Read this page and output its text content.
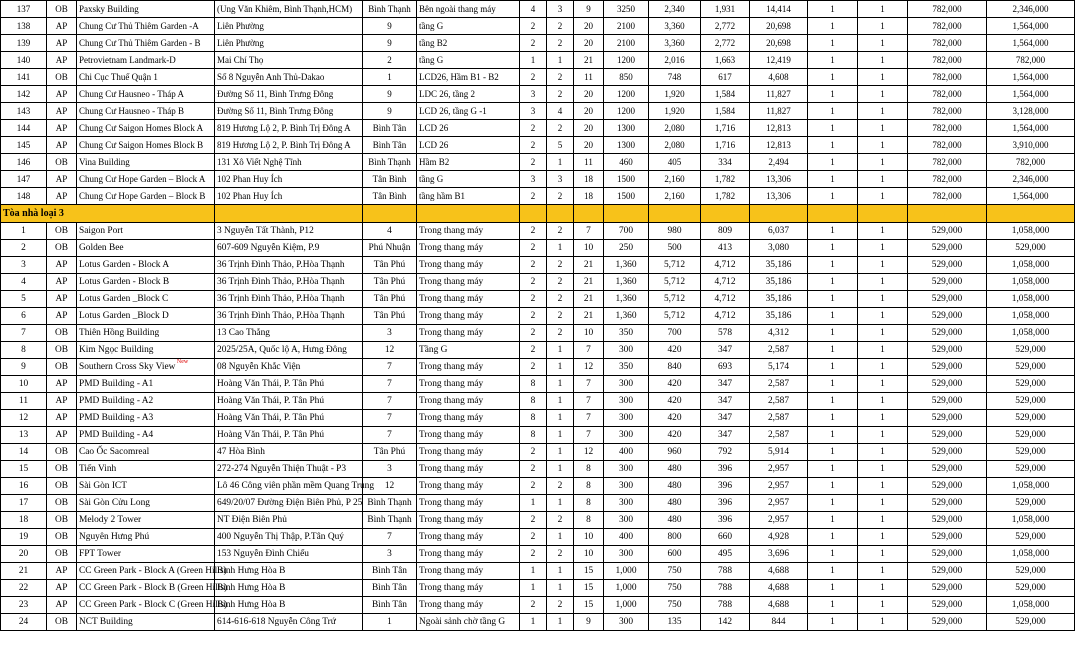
137	OB	Paxsky Building	(Ung Văn Khiêm, Bình Thạnh,HCM)	Bình Thạnh	Bên ngoài thang máy	4	3	9	3250	2,340	1,931	14,414	1	1	782,000	2,346,000
138	AP	Chung Cư Thủ Thiêm Garden -A	Liên Phường	9	tầng G	2	2	20	2100	3,360	2,772	20,698	1	1	782,000	1,564,000
139	AP	Chung Cư Thủ Thiêm Garden - B	Liên Phường	9	tầng B2	2	2	20	2100	3,360	2,772	20,698	1	1	782,000	1,564,000
140	AP	Petrovietnam Landmark-D	Mai Chí Thọ	2	tầng G	1	1	21	1200	2,016	1,663	12,419	1	1	782,000	782,000
141	OB	Chi Cục Thuế Quận 1	Số 8 Nguyễn Anh Thủ-Dakao	1	LCD26, Hầm B1 - B2	2	2	11	850	748	617	4,608	1	1	782,000	1,564,000
142	AP	Chung Cư Hausneo - Tháp A	Đường Số 11, Bình Trưng Đông	9	LDC 26, tầng 2	3	2	20	1200	1,920	1,584	11,827	1	1	782,000	1,564,000
143	AP	Chung Cư Hausneo - Tháp B	Đường Số 11, Bình Trưng Đông	9	LCD 26, tầng G -1	3	4	20	1200	1,920	1,584	11,827	1	1	782,000	3,128,000
144	AP	Chung Cư Saigon Homes Block A	819 Hương Lộ 2, P. Bình Trị Đông A	Bình Tân	LCD 26	2	2	20	1300	2,080	1,716	12,813	1	1	782,000	1,564,000
145	AP	Chung Cư Saigon Homes Block B	819 Hương Lộ 2, P. Bình Trị Đông A	Bình Tân	LCD 26	2	5	20	1300	2,080	1,716	12,813	1	1	782,000	3,910,000
146	OB	Vina Building	131 Xô Viết Nghệ Tĩnh	Bình Thạnh	Hầm B2	2	1	11	460	405	334	2,494	1	1	782,000	782,000
147	AP	Chung Cư Hope Garden – Block A	102 Phan Huy Ích	Tân Bình	tầng G	3	3	18	1500	2,160	1,782	13,306	1	1	782,000	2,346,000
148	AP	Chung Cư Hope Garden – Block B	102 Phan Huy Ích	Tân Bình	tầng hầm B1	2	2	18	1500	2,160	1,782	13,306	1	1	782,000	1,564,000
Tòa nhà loại 3																
1	OB	Saigon Port	3 Nguyễn Tất Thành, P12	4	Trong thang máy	2	2	7	700	980	809	6,037	1	1	529,000	1,058,000
2	OB	Golden Bee	607-609 Nguyễn Kiệm, P.9	Phú Nhuận	Trong thang máy	2	1	10	250	500	413	3,080	1	1	529,000	529,000
3	AP	Lotus Garden - Block A	36 Trịnh Đình Thảo, P.Hòa Thạnh	Tân Phú	Trong thang máy	2	2	21	1,360	5,712	4,712	35,186	1	1	529,000	1,058,000
4	AP	Lotus Garden - Block B	36 Trịnh Đình Thảo, P.Hòa Thạnh	Tân Phú	Trong thang máy	2	2	21	1,360	5,712	4,712	35,186	1	1	529,000	1,058,000
5	AP	Lotus Garden _Block C	36 Trịnh Đình Thảo, P.Hòa Thạnh	Tân Phú	Trong thang máy	2	2	21	1,360	5,712	4,712	35,186	1	1	529,000	1,058,000
6	AP	Lotus Garden _Block D	36 Trịnh Đình Thảo, P.Hòa Thạnh	Tân Phú	Trong thang máy	2	2	21	1,360	5,712	4,712	35,186	1	1	529,000	1,058,000
7	OB	Thiên Hồng Building	13 Cao Thắng	3	Trong thang máy	2	2	10	350	700	578	4,312	1	1	529,000	1,058,000
8	OB	Kim Ngọc Building	2025/25A, Quốc lộ A, Hưng Đông	12	Tầng G	2	1	7	300	420	347	2,587	1	1	529,000	529,000
9	OB	Southern Cross Sky View $^{New}$	08 Nguyễn Khắc Viện	7	Trong thang máy	2	1	12	350	840	693	5,174	1	1	529,000	529,000
10	AP	PMD Building - A1	Hoàng Văn Thái, P. Tân Phú	7	Trong thang máy	8	1	7	300	420	347	2,587	1	1	529,000	529,000
11	AP	PMD Building - A2	Hoàng Văn Thái, P. Tân Phú	7	Trong thang máy	8	1	7	300	420	347	2,587	1	1	529,000	529,000
12	AP	PMD Building - A3	Hoàng Văn Thái, P. Tân Phú	7	Trong thang máy	8	1	7	300	420	347	2,587	1	1	529,000	529,000
13	AP	PMD Building - A4	Hoàng Văn Thái, P. Tân Phú	7	Trong thang máy	8	1	7	300	420	347	2,587	1	1	529,000	529,000
14	OB	Cao Ốc Sacomreal	47 Hòa Bình	Tân Phú	Trong thang máy	2	1	12	400	960	792	5,914	1	1	529,000	529,000
15	OB	Tiến Vinh	272-274 Nguyễn Thiện Thuật - P3	3	Trong thang máy	2	1	8	300	480	396	2,957	1	1	529,000	529,000
16	OB	Sài Gòn ICT	Lô 46 Công viên phần mềm Quang Trung	12	Trong thang máy	2	2	8	300	480	396	2,957	1	1	529,000	1,058,000
17	OB	Sài Gòn Cửu Long	649/20/07 Đường Điện Biên Phủ, P 25	Bình Thạnh	Trong thang máy	1	1	8	300	480	396	2,957	1	1	529,000	529,000
18	OB	Melody 2 Tower	NT Điện Biên Phủ	Bình Thạnh	Trong thang máy	2	2	8	300	480	396	2,957	1	1	529,000	1,058,000
19	OB	Nguyên Hưng Phú	400 Nguyễn Thị Thập, P.Tân Quý	7	Trong thang máy	2	1	10	400	800	660	4,928	1	1	529,000	529,000
20	OB	FPT Tower	153 Nguyễn Đình Chiểu	3	Trong thang máy	2	2	10	300	600	495	3,696	1	1	529,000	1,058,000
21	AP	CC Green Park - Block A (Green Hills)	Bình Hưng Hòa B	Bình Tân	Trong thang máy	1	1	15	1,000	750	788	4,688	1	1	529,000	529,000
22	AP	CC Green Park - Block B (Green Hills)	Bình Hưng Hòa B	Bình Tân	Trong thang máy	1	1	15	1,000	750	788	4,688	1	1	529,000	529,000
23	AP	CC Green Park - Block C (Green Hills)	Bình Hưng Hòa B	Bình Tân	Trong thang máy	2	2	15	1,000	750	788	4,688	1	1	529,000	1,058,000
24	OB	NCT Building	614-616-618 Nguyễn Công Trứ	1	Ngoài sảnh chờ tầng G	1	1	9	300	135	142	844	1	1	529,000	529,000
